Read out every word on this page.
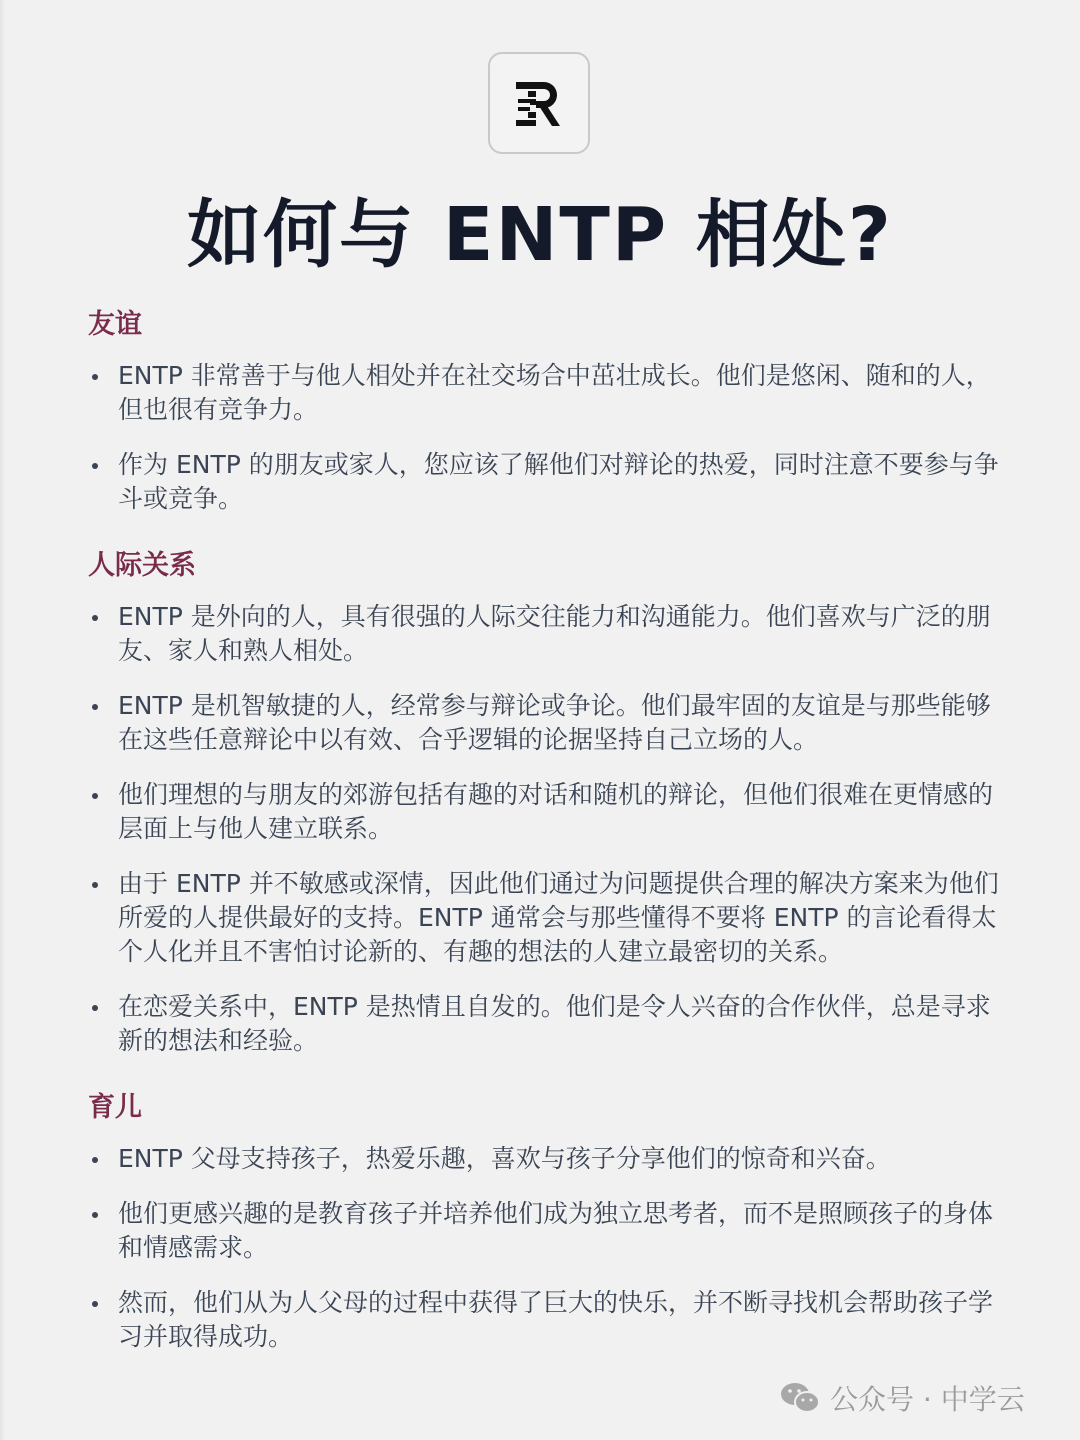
如何与 ENTP 相处?
友谊
ENTP 非常善于与他人相处并在社交场合中茁壮成长。他们是悠闲、随和的人，但也很有竞争力。
作为 ENTP 的朋友或家人，您应该了解他们对辩论的热爱，同时注意不要参与争斗或竞争。
人际关系
ENTP 是外向的人，具有很强的人际交往能力和沟通能力。他们喜欢与广泛的朋友、家人和熟人相处。
ENTP 是机智敏捷的人，经常参与辩论或争论。他们最牢固的友谊是与那些能够在这些任意辩论中以有效、合乎逻辑的论据坚持自己立场的人。
他们理想的与朋友的郊游包括有趣的对话和随机的辩论，但他们很难在更情感的层面上与他人建立联系。
由于 ENTP 并不敏感或深情，因此他们通过为问题提供合理的解决方案来为他们所爱的人提供最好的支持。ENTP 通常会与那些懂得不要将 ENTP 的言论看得太个人化并且不害怕讨论新的、有趣的想法的人建立最密切的关系。
在恋爱关系中，ENTP 是热情且自发的。他们是令人兴奋的合作伙伴，总是寻求新的想法和经验。
育儿
ENTP 父母支持孩子，热爱乐趣，喜欢与孩子分享他们的惊奇和兴奋。
他们更感兴趣的是教育孩子并培养他们成为独立思考者，而不是照顾孩子的身体和情感需求。
然而，他们从为人父母的过程中获得了巨大的快乐，并不断寻找机会帮助孩子学习并取得成功。
公众号 · 中学云
